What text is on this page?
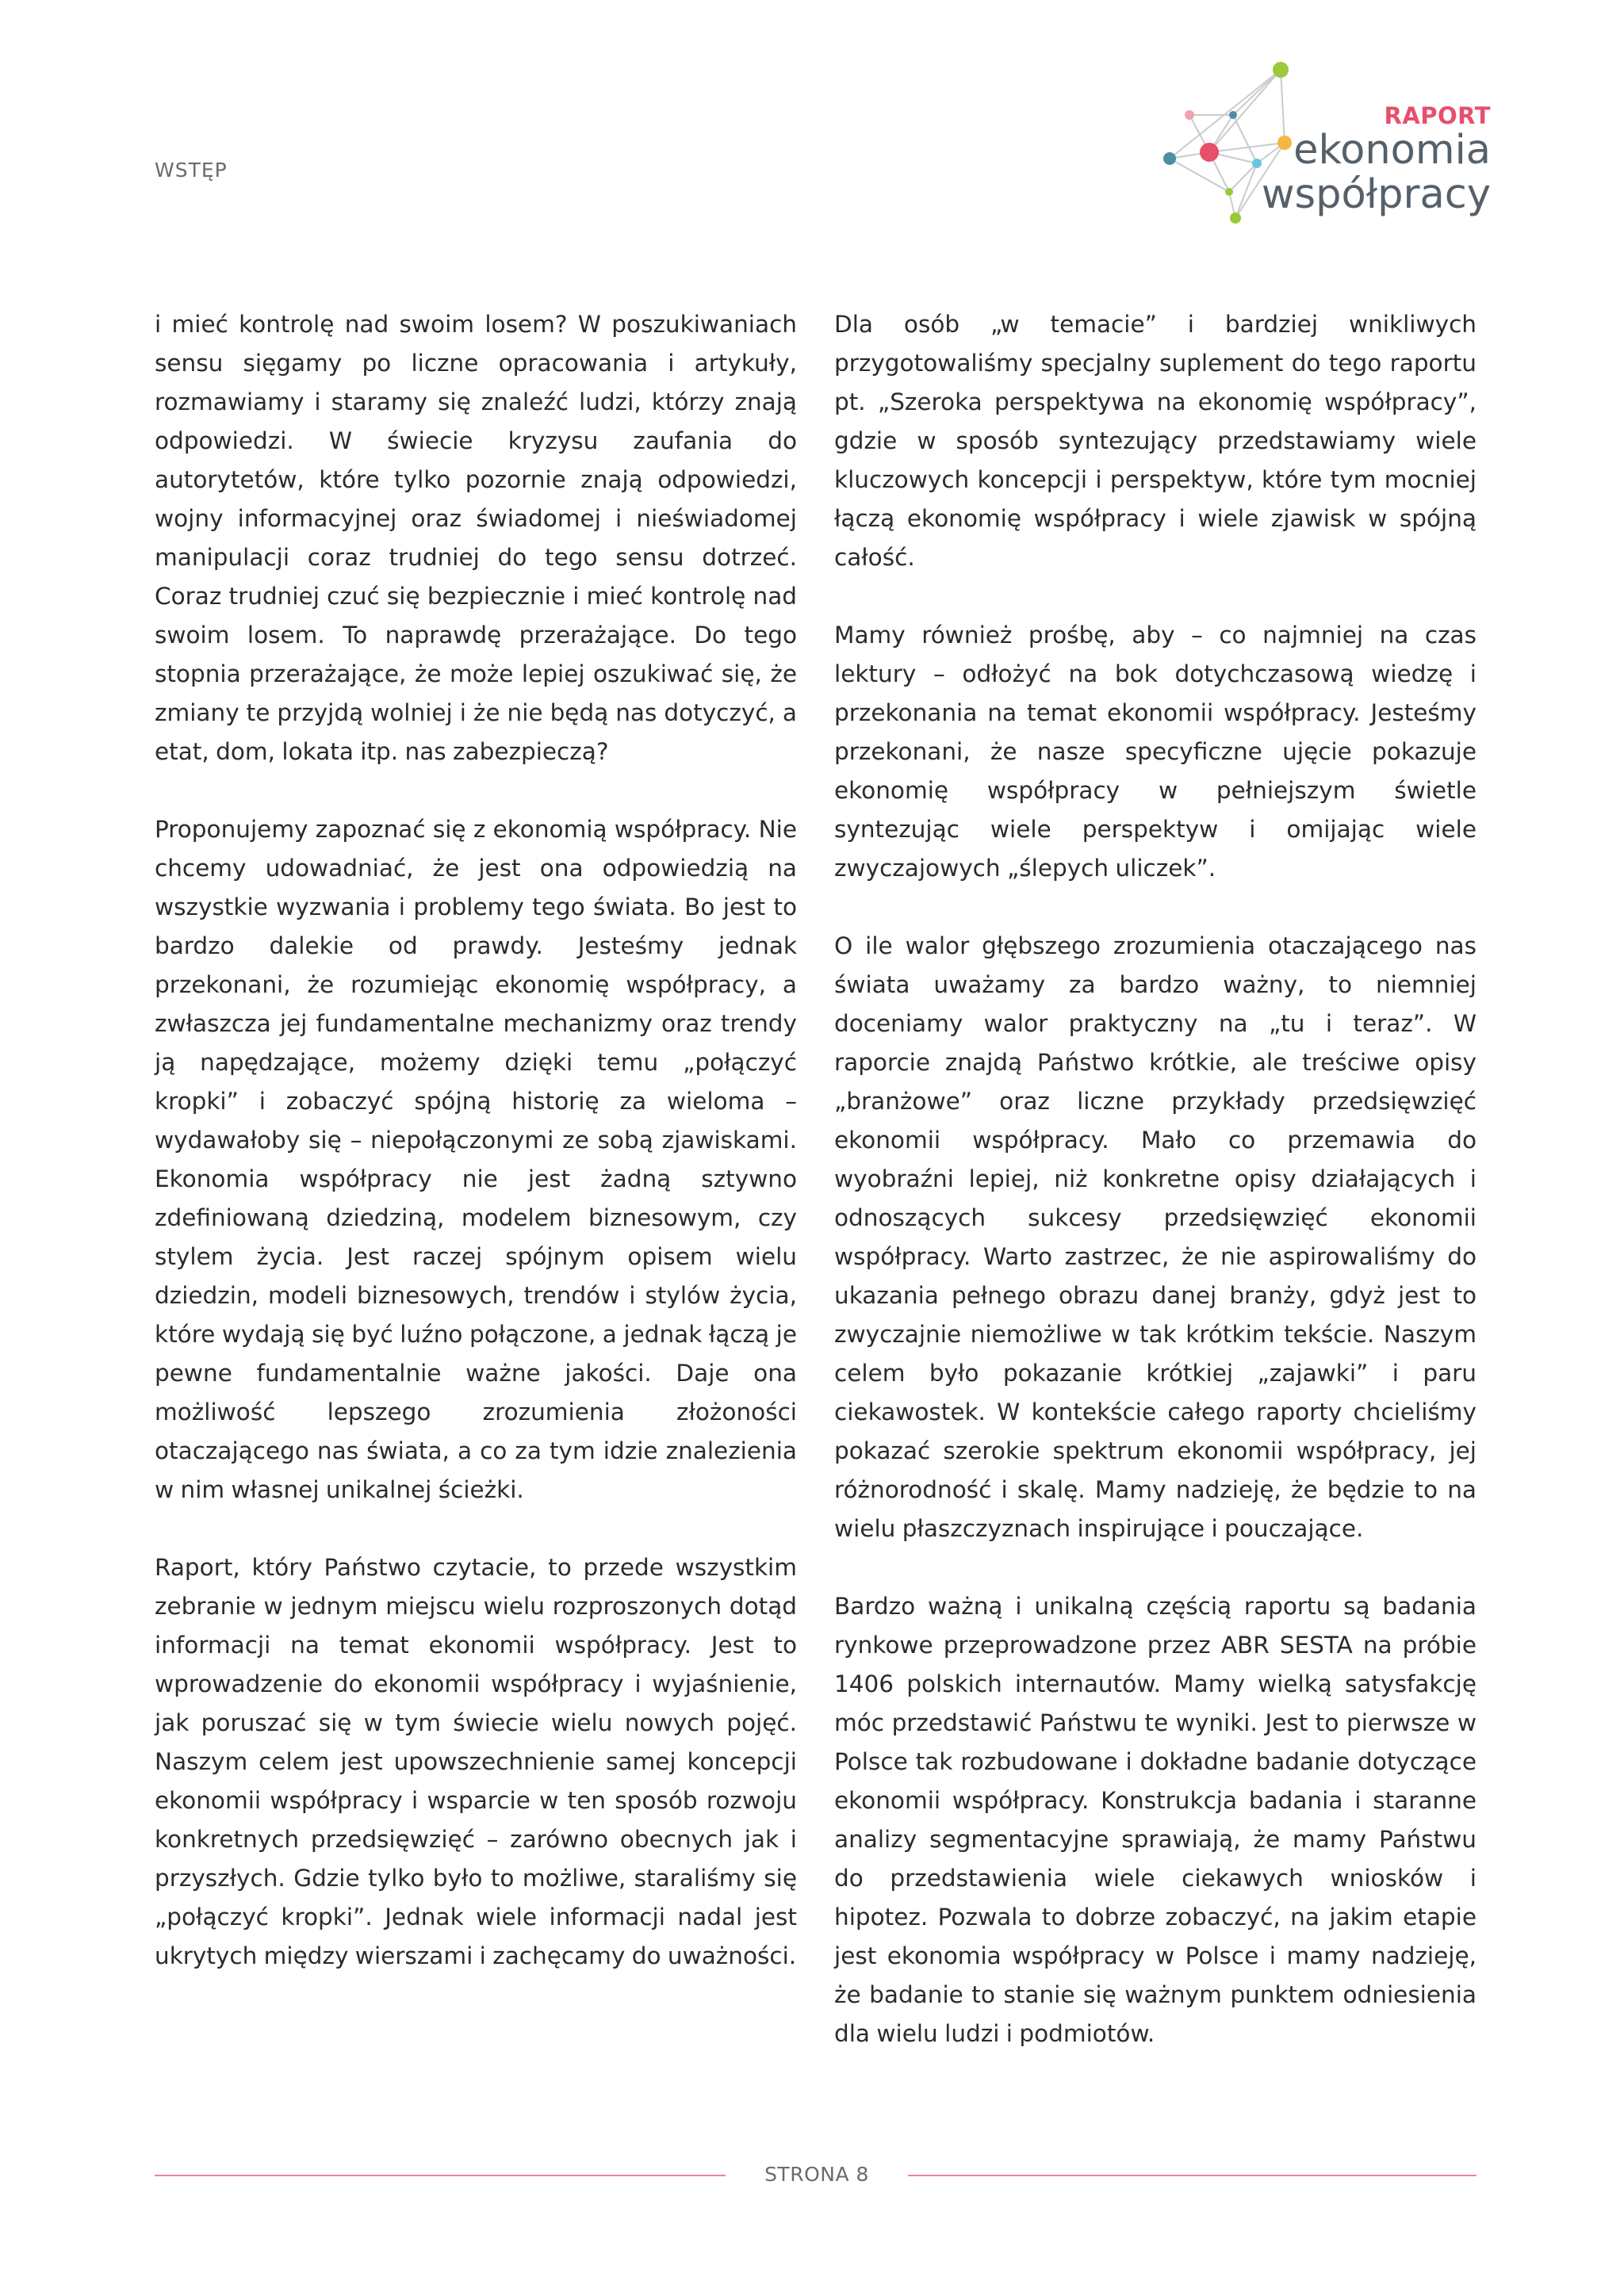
WSTĘP
RAPORT
ekonomia
współpracy

i mieć kontrolę nad swoim losem? W poszukiwaniach sensu sięgamy po liczne opracowania i artykuły, rozmawiamy i staramy się znaleźć ludzi, którzy znają odpowiedzi. W świecie kryzysu zaufania do autorytetów, które tylko pozornie znają odpowiedzi, wojny informacyjnej oraz świadomej i nieświadomej manipulacji coraz trudniej do tego sensu dotrzeć. Coraz trudniej czuć się bezpiecznie i mieć kontrolę nad swoim losem. To naprawdę przerażające. Do tego stopnia przerażające, że może lepiej oszukiwać się, że zmiany te przyjdą wolniej i że nie będą nas dotyczyć, a etat, dom, lokata itp. nas zabezpieczą?

Proponujemy zapoznać się z ekonomią współpracy. Nie chcemy udowadniać, że jest ona odpowiedzią na wszystkie wyzwania i problemy tego świata. Bo jest to bardzo dalekie od prawdy. Jesteśmy jednak przekonani, że rozumiejąc ekonomię współpracy, a zwłaszcza jej fundamentalne mechanizmy oraz trendy ją napędzające, możemy dzięki temu „połączyć kropki” i zobaczyć spójną historię za wieloma – wydawałoby się – niepołączonymi ze sobą zjawiskami. Ekonomia współpracy nie jest żadną sztywno zdefiniowaną dziedziną, modelem biznesowym, czy stylem życia. Jest raczej spójnym opisem wielu dziedzin, modeli biznesowych, trendów i stylów życia, które wydają się być luźno połączone, a jednak łączą je pewne fundamentalnie ważne jakości. Daje ona możliwość lepszego zrozumienia złożoności otaczającego nas świata, a co za tym idzie znalezienia w nim własnej unikalnej ścieżki.

Raport, który Państwo czytacie, to przede wszystkim zebranie w jednym miejscu wielu rozproszonych dotąd informacji na temat ekonomii współpracy. Jest to wprowadzenie do ekonomii współpracy i wyjaśnienie, jak poruszać się w tym świecie wielu nowych pojęć. Naszym celem jest upowszechnienie samej koncepcji ekonomii współpracy i wsparcie w ten sposób rozwoju konkretnych przedsięwzięć – zarówno obecnych jak i przyszłych. Gdzie tylko było to możliwe, staraliśmy się „połączyć kropki”. Jednak wiele informacji nadal jest ukrytych między wierszami i zachęcamy do uważności.

Dla osób „w temacie” i bardziej wnikliwych przygotowaliśmy specjalny suplement do tego raportu pt. „Szeroka perspektywa na ekonomię współpracy”, gdzie w sposób syntezujący przedstawiamy wiele kluczowych koncepcji i perspektyw, które tym mocniej łączą ekonomię współpracy i wiele zjawisk w spójną całość.

Mamy również prośbę, aby – co najmniej na czas lektury – odłożyć na bok dotychczasową wiedzę i przekonania na temat ekonomii współpracy. Jesteśmy przekonani, że nasze specyficzne ujęcie pokazuje ekonomię współpracy w pełniejszym świetle syntezując wiele perspektyw i omijając wiele zwyczajowych „ślepych uliczek”.

O ile walor głębszego zrozumienia otaczającego nas świata uważamy za bardzo ważny, to niemniej doceniamy walor praktyczny na „tu i teraz”. W raporcie znajdą Państwo krótkie, ale treściwe opisy „branżowe” oraz liczne przykłady przedsięwzięć ekonomii współpracy. Mało co przemawia do wyobraźni lepiej, niż konkretne opisy działających i odnoszących sukcesy przedsięwzięć ekonomii współpracy. Warto zastrzec, że nie aspirowaliśmy do ukazania pełnego obrazu danej branży, gdyż jest to zwyczajnie niemożliwe w tak krótkim tekście. Naszym celem było pokazanie krótkiej „zajawki” i paru ciekawostek. W kontekście całego raporty chcieliśmy pokazać szerokie spektrum ekonomii współpracy, jej różnorodność i skalę. Mamy nadzieję, że będzie to na wielu płaszczyznach inspirujące i pouczające.

Bardzo ważną i unikalną częścią raportu są badania rynkowe przeprowadzone przez ABR SESTA na próbie 1406 polskich internautów. Mamy wielką satysfakcję móc przedstawić Państwu te wyniki. Jest to pierwsze w Polsce tak rozbudowane i dokładne badanie dotyczące ekonomii współpracy. Konstrukcja badania i staranne analizy segmentacyjne sprawiają, że mamy Państwu do przedstawienia wiele ciekawych wniosków i hipotez. Pozwala to dobrze zobaczyć, na jakim etapie jest ekonomia współpracy w Polsce i mamy nadzieję, że badanie to stanie się ważnym punktem odniesienia dla wielu ludzi i podmiotów.

STRONA 8
